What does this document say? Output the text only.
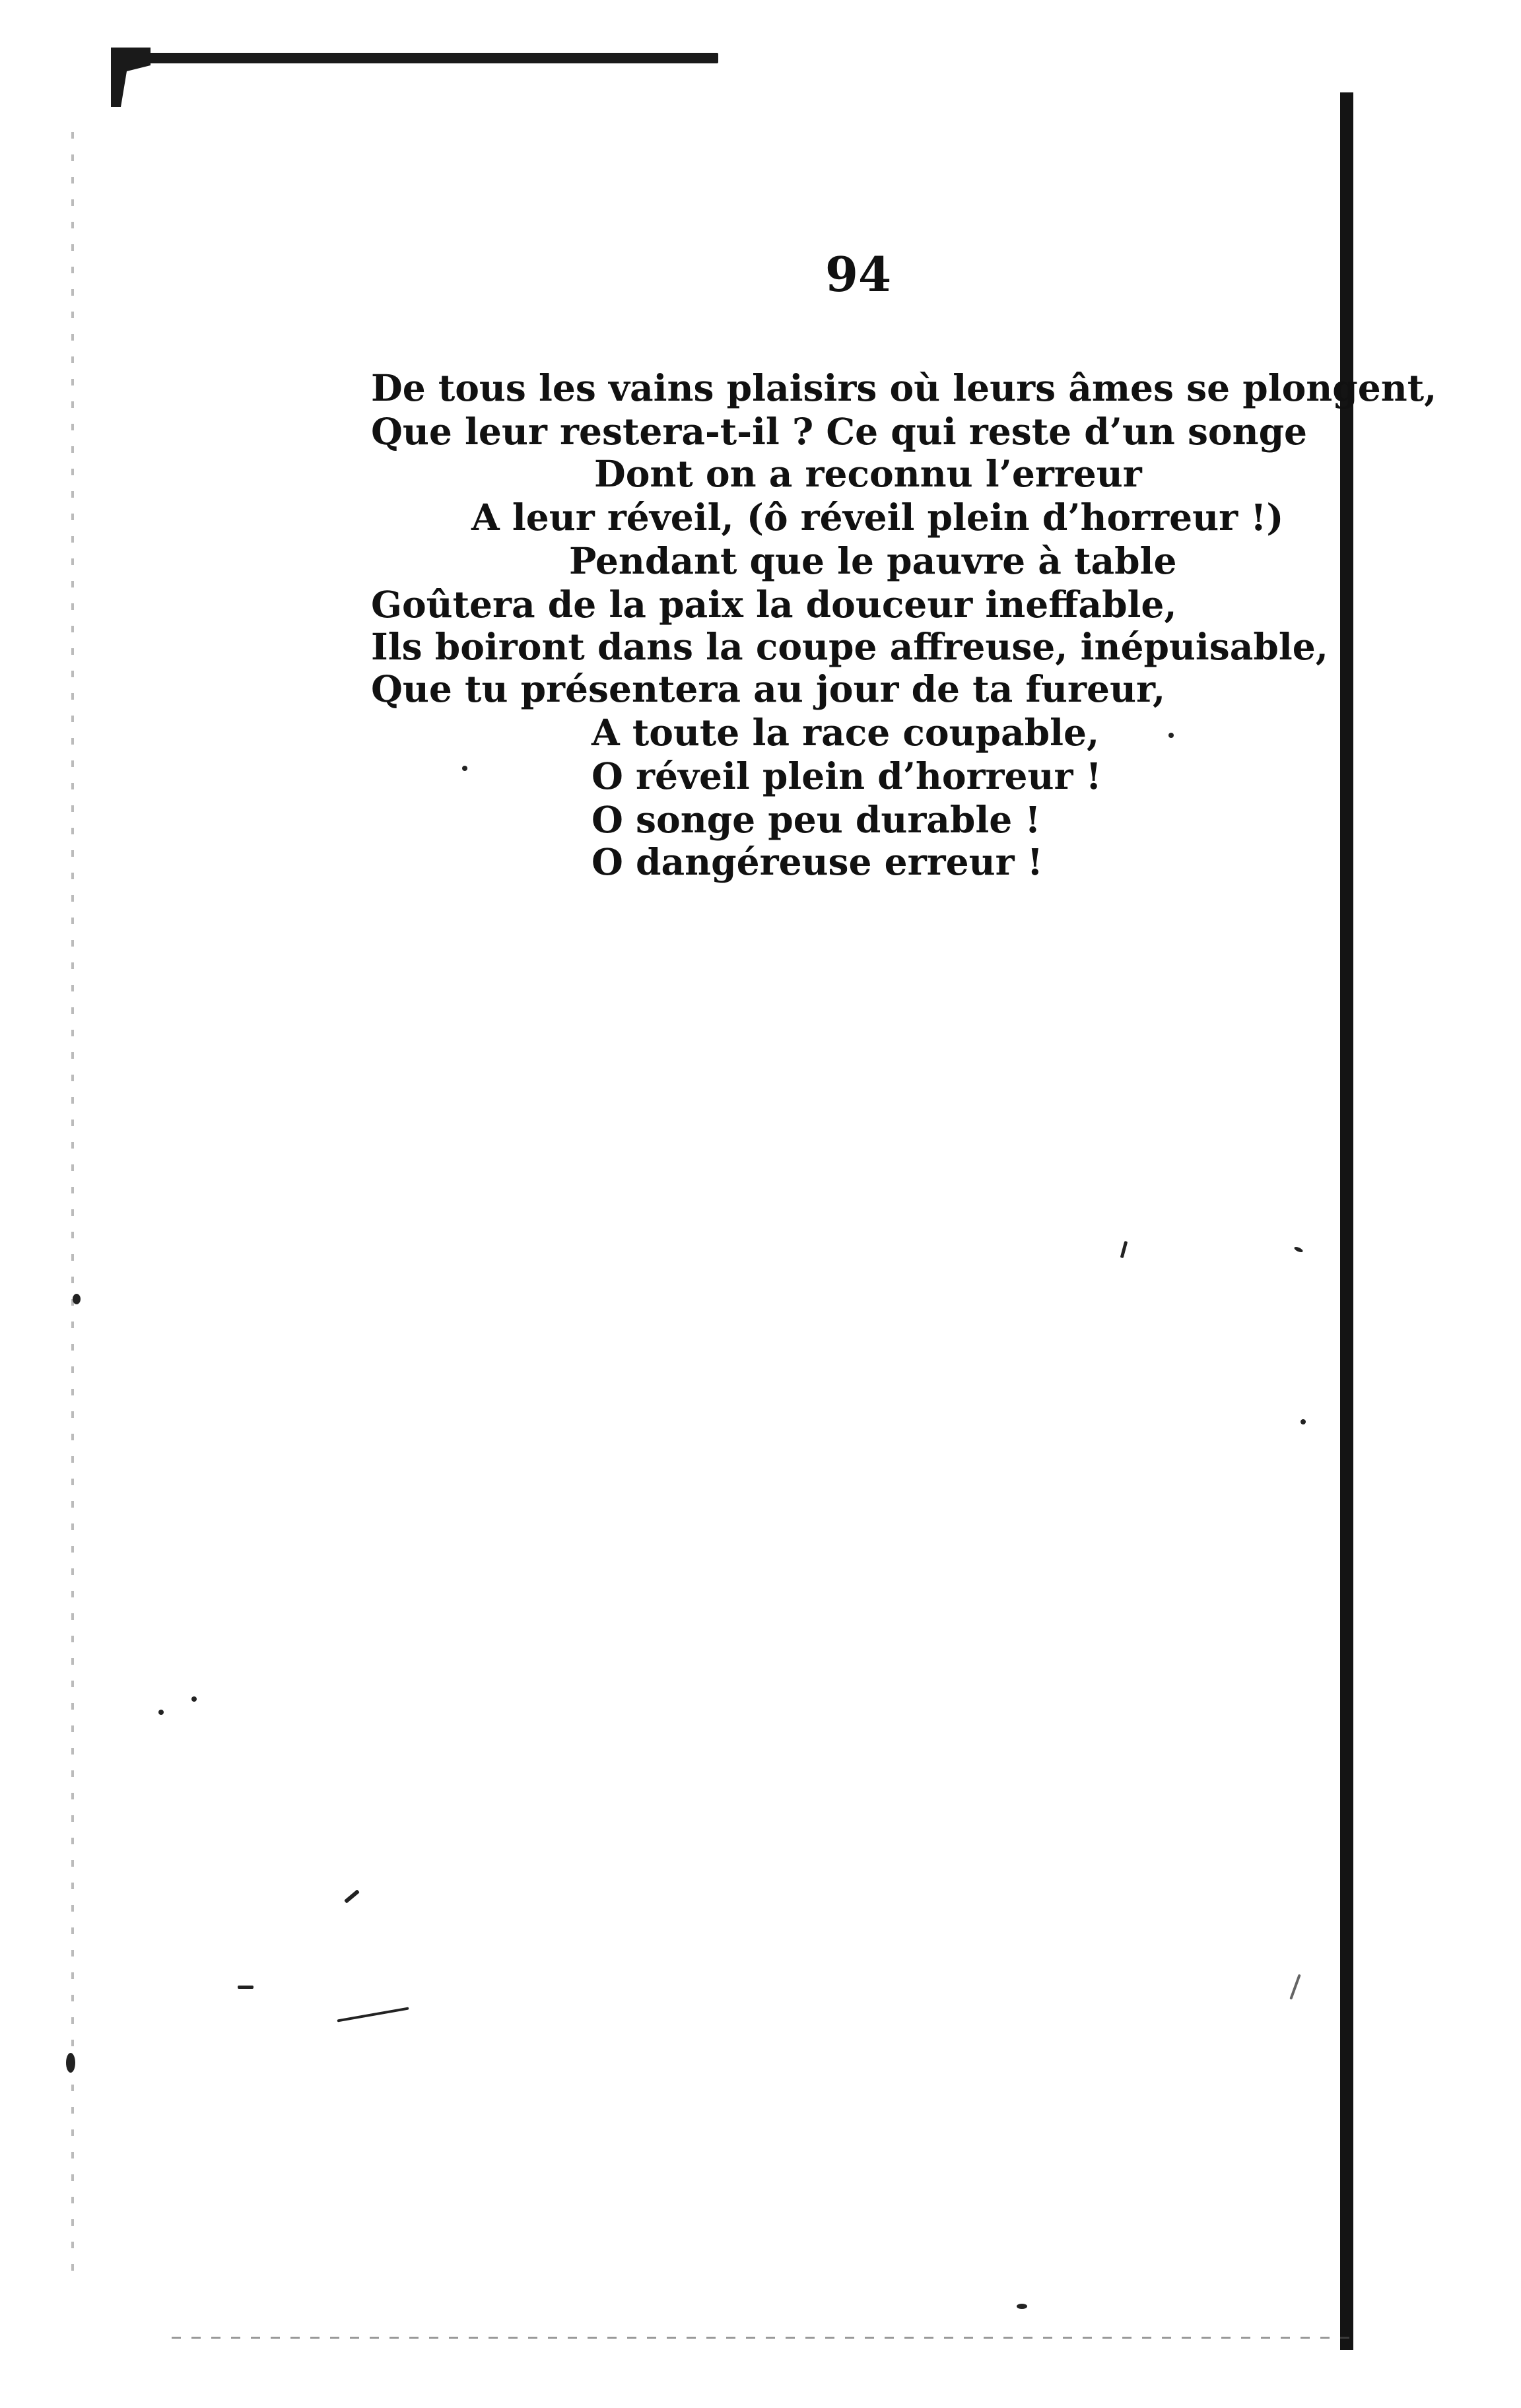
94
De tous les vains plaisirs où leurs âmes se plongent,
Que leur restera-t-il ? Ce qui reste d’un songe
Dont on a reconnu l’erreur
A leur réveil, (ô réveil plein d’horreur !)
Pendant que le pauvre à table
Goûtera de la paix la douceur ineffable,
Ils boiront dans la coupe affreuse, inépuisable,
Que tu présentera au jour de ta fureur,
A toute la race coupable,
O réveil plein d’horreur !
O songe peu durable !
O dangéreuse erreur !
